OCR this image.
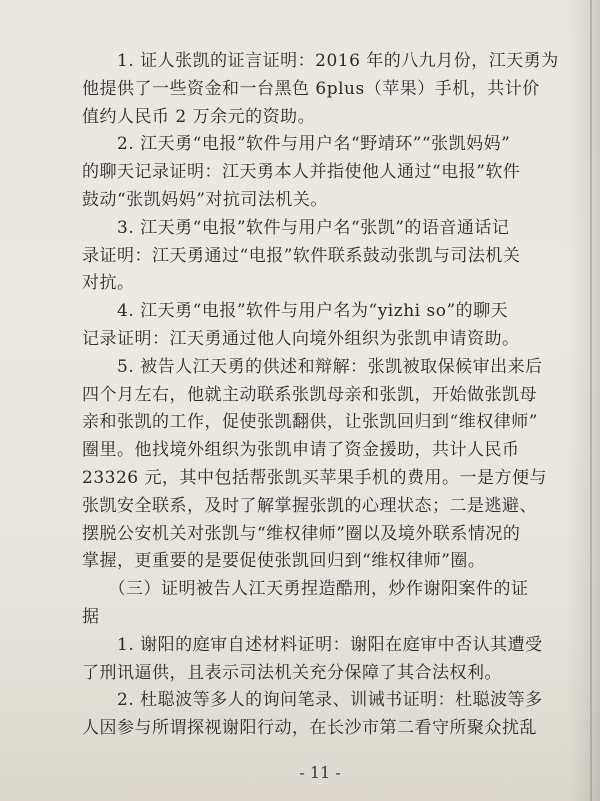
　　1. 证人张凯的证言证明：2016 年的八九月份，江天勇为
他提供了一些资金和一台黑色 6plus（苹果）手机，共计价
值约人民币 2 万余元的资助。
　　2. 江天勇“电报”软件与用户名“野靖环”“张凯妈妈”
的聊天记录证明：江天勇本人并指使他人通过“电报”软件
鼓动“张凯妈妈”对抗司法机关。
　　3. 江天勇“电报”软件与用户名“张凯”的语音通话记
录证明：江天勇通过“电报”软件联系鼓动张凯与司法机关
对抗。
　　4. 江天勇“电报”软件与用户名为“yizhi so”的聊天
记录证明：江天勇通过他人向境外组织为张凯申请资助。
　　5. 被告人江天勇的供述和辩解：张凯被取保候审出来后
四个月左右，他就主动联系张凯母亲和张凯，开始做张凯母
亲和张凯的工作，促使张凯翻供，让张凯回归到“维权律师”
圈里。他找境外组织为张凯申请了资金援助，共计人民币
23326 元，其中包括帮张凯买苹果手机的费用。一是方便与
张凯安全联系，及时了解掌握张凯的心理状态；二是逃避、
摆脱公安机关对张凯与“维权律师”圈以及境外联系情况的
掌握，更重要的是要促使张凯回归到“维权律师”圈。
　　（三）证明被告人江天勇捏造酷刑，炒作谢阳案件的证
据
　　1. 谢阳的庭审自述材料证明：谢阳在庭审中否认其遭受
了刑讯逼供，且表示司法机关充分保障了其合法权利。
　　2. 杜聪波等多人的询问笔录、训诫书证明：杜聪波等多
人因参与所谓探视谢阳行动，在长沙市第二看守所聚众扰乱
- 11 -
